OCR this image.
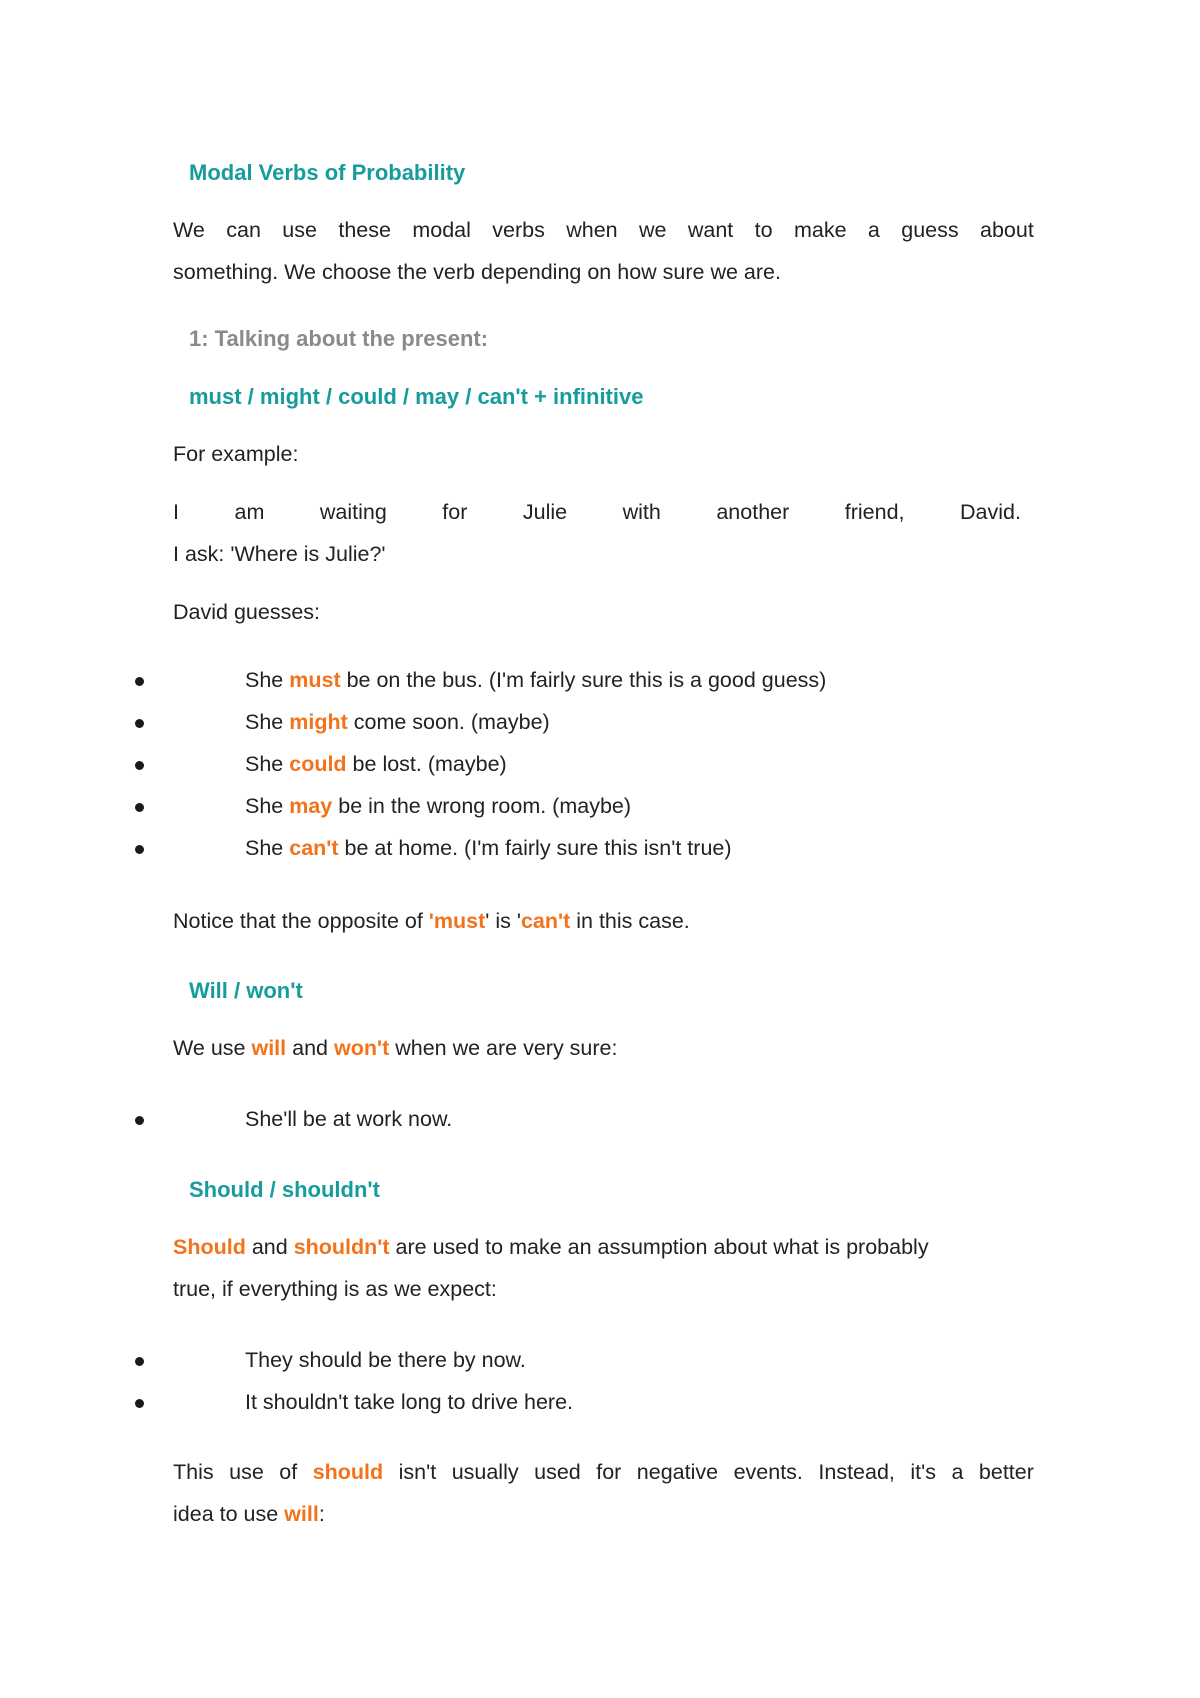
Modal Verbs of Probability
We can use these modal verbs when we want to make a guess about
something. We choose the verb depending on how sure we are.
1: Talking about the present:
must / might / could / may / can't + infinitive
For example:
I	am	waiting	for	Julie	with	another	friend,	David.
I ask: 'Where is Julie?'
David guesses:
She must be on the bus. (I'm fairly sure this is a good guess)
She might come soon. (maybe)
She could be lost. (maybe)
She may be in the wrong room. (maybe)
She can't be at home. (I'm fairly sure this isn't true)
Notice that the opposite of 'must' is 'can't in this case.
Will / won't
We use will and won't when we are very sure:
She'll be at work now.
Should / shouldn't
Should and shouldn't are used to make an assumption about what is probably
true, if everything is as we expect:
They should be there by now.
It shouldn't take long to drive here.
This use of should isn't usually used for negative events. Instead, it's a better
idea to use will:
